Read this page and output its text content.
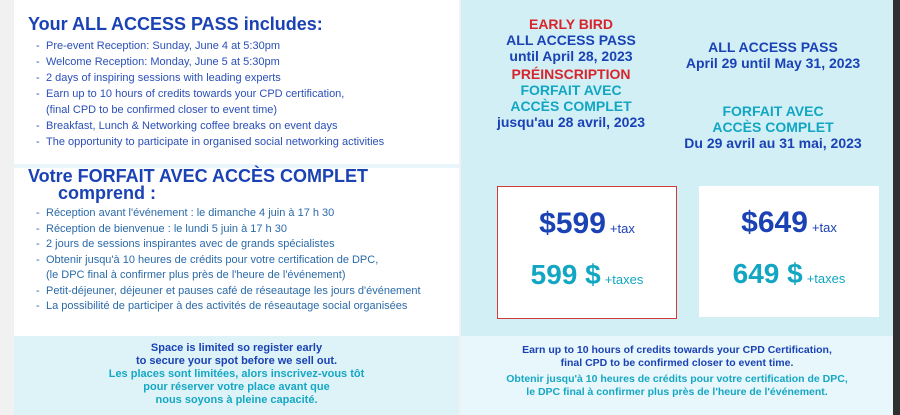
Your ALL ACCESS PASS includes:
- Pre-event Reception: Sunday, June 4 at 5:30pm
- Welcome Reception: Monday, June 5 at 5:30pm
- 2 days of inspiring sessions with leading experts
- Earn up to 10 hours of credits towards your CPD certification,
(final CPD to be confirmed closer to event time)
- Breakfast, Lunch & Networking coffee breaks on event days
- The opportunity to participate in organised social networking activities
Votre FORFAIT AVEC ACCÈS COMPLET
comprend :
- Réception avant l'événement : le dimanche 4 juin à 17 h 30
- Réception de bienvenue : le lundi 5 juin à 17 h 30
- 2 jours de sessions inspirantes avec de grands spécialistes
- Obtenir jusqu'à 10 heures de crédits pour votre certification de DPC,
(le DPC final à confirmer plus près de l'heure de l'événement)
- Petit-déjeuner, déjeuner et pauses café de réseautage les jours d'événement
- La possibilité de participer à des activités de réseautage social organisées
Space is limited so register early
to secure your spot before we sell out.
Les places sont limitées, alors inscrivez-vous tôt
pour réserver votre place avant que
nous soyons à pleine capacité.
EARLY BIRD
ALL ACCESS PASS
until April 28, 2023
PRÉINSCRIPTION
FORFAIT AVEC
ACCÈS COMPLET
jusqu'au 28 avril, 2023
ALL ACCESS PASS
April 29 until May 31, 2023
FORFAIT AVEC
ACCÈS COMPLET
Du 29 avril au 31 mai, 2023
$599 +tax
599 $ +taxes
$649 +tax
649 $ +taxes
Earn up to 10 hours of credits towards your CPD Certification,
final CPD to be confirmed closer to event time.
Obtenir jusqu'à 10 heures de crédits pour votre certification de DPC,
le DPC final à confirmer plus près de l'heure de l'événement.
